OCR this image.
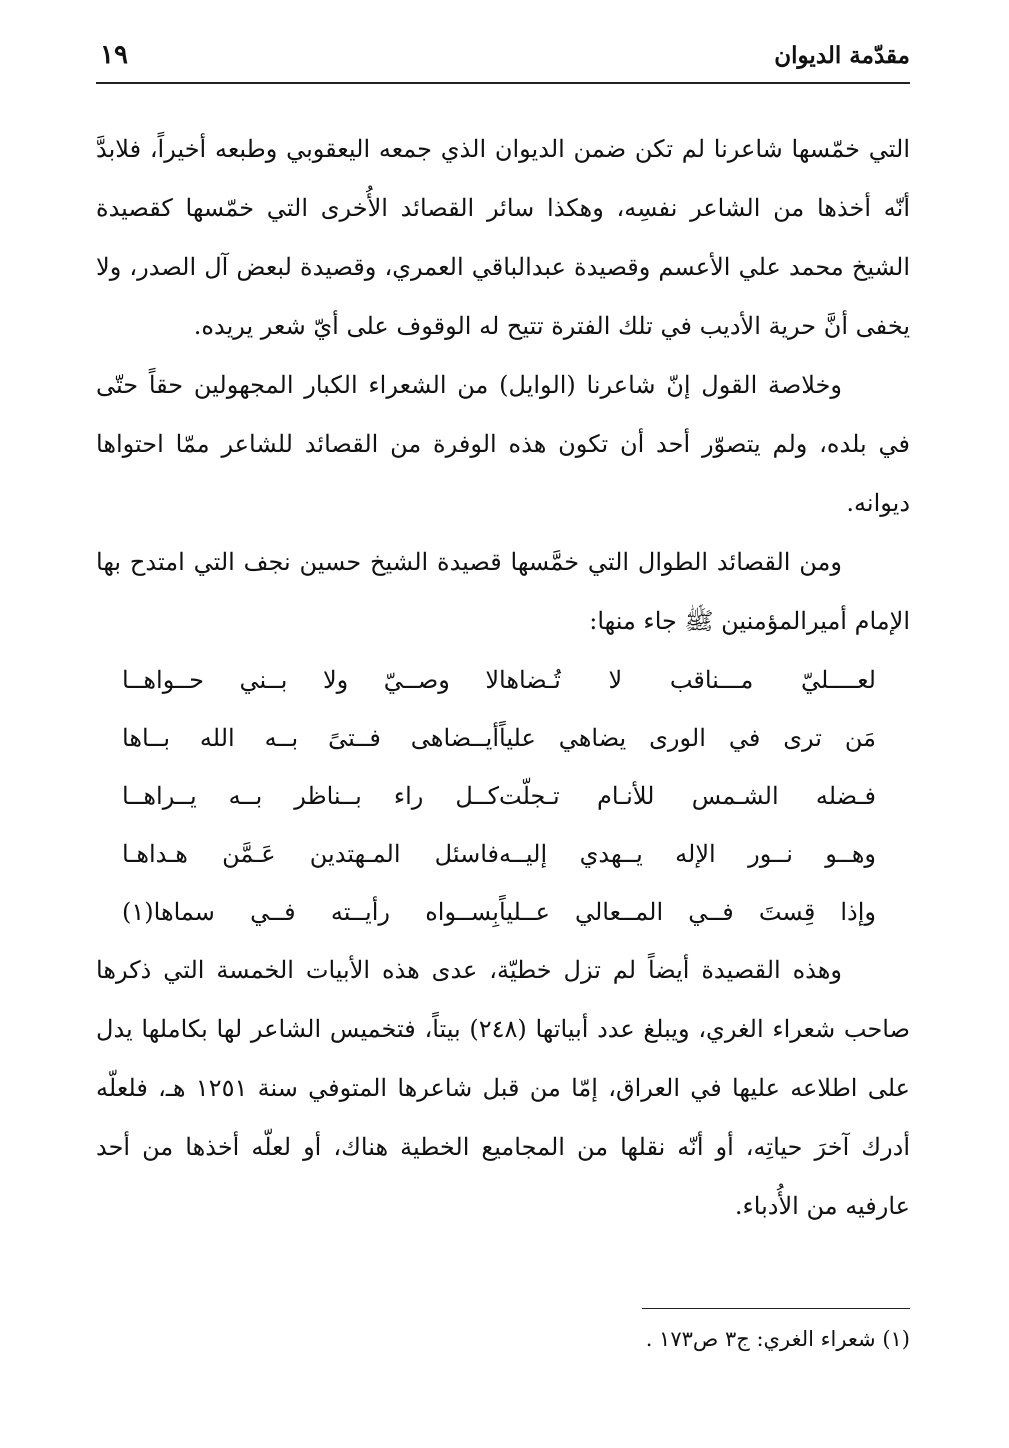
مقدّمة الديوان
١٩

التي خمّسها شاعرنا لم تكن ضمن الديوان الذي جمعه اليعقوبي وطبعه أخيراً، فلابدَّ أنّه أخذها من الشاعر نفسِه، وهكذا سائر القصائد الأُخرى التي خمّسها كقصيدة الشيخ محمد علي الأعسم وقصيدة عبدالباقي العمري، وقصيدة لبعض آل الصدر، ولا يخفى أنَّ حرية الأديب في تلك الفترة تتيح له الوقوف على أيّ شعر يريده.

وخلاصة القول إنّ شاعرنا (الوايل) من الشعراء الكبار المجهولين حقاً حتّى في بلده، ولم يتصوّر أحد أن تكون هذه الوفرة من القصائد للشاعر ممّا احتواها ديوانه.

ومن القصائد الطوال التي خمَّسها قصيدة الشيخ حسين نجف التي امتدح بها الإمام أميرالمؤمنين ﷺ جاء منها:

لعــــليّ مـــناقب لا تُـضاها
لا وصــيّ ولا بــني حــواهــا
مَن ترى في الورى يضاهي علياً
أيــضاهى فــتىً بــه الله بــاها
فـضله الشـمس للأنـام تـجلّت
كــل راء بــناظر بــه يــراهــا
وهــو نــور الإله يــهدي إليــه
فاسئل المـهتدين عَـمَّن هـداهـا
وإذا قِستَ فــي المــعالي عــلياً
بِســواه رأيــته فــي سماها(١)

وهذه القصيدة أيضاً لم تزل خطيّة، عدى هذه الأبيات الخمسة التي ذكرها صاحب شعراء الغري، ويبلغ عدد أبياتها (٢٤٨) بيتاً، فتخميس الشاعر لها بكاملها يدل على اطلاعه عليها في العراق، إمّا من قبل شاعرها المتوفي سنة ١٢٥١ هـ، فلعلّه أدرك آخرَ حياتِه، أو أنّه نقلها من المجاميع الخطية هناك، أو لعلّه أخذها من أحد عارفيه من الأُدباء.

(١) شعراء الغري: ج٣ ص١٧٣ .
